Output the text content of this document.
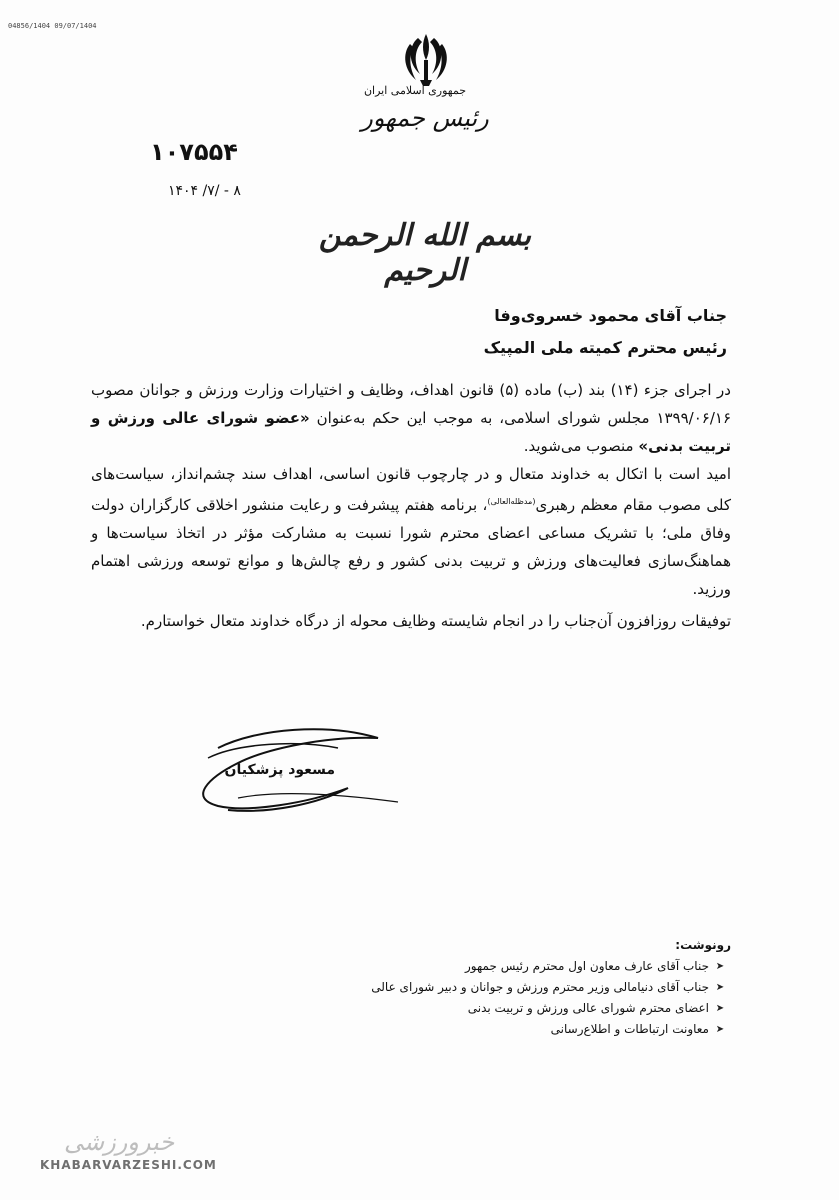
04856/1404 09/07/1404
جمهوری اسلامی ایران
رئیس جمهور
۱۰۷۵۵۴
۱۴۰۴ /۷/ - ۸
بسم الله الرحمن الرحیم
جناب آقای محمود خسروی‌وفا
رئیس محترم کمیته ملی المپیک

در اجرای جزء (۱۴) بند (ب) ماده (۵) قانون اهداف، وظایف و اختیارات وزارت ورزش و جوانان مصوب ۱۳۹۹/۰۶/۱۶ مجلس شورای اسلامی، به موجب این حکم به‌عنوان «عضو شورای عالی ورزش و تربیت بدنی» منصوب می‌شوید.

امید است با اتکال به خداوند متعال و در چارچوب قانون اساسی، اهداف سند چشم‌انداز، سیاست‌های کلی مصوب مقام معظم رهبری$^{(مدظله‌العالی)}$، برنامه هفتم پیشرفت و رعایت منشور اخلاقی کارگزاران دولت وفاق ملی؛ با تشریک مساعی اعضای محترم شورا نسبت به مشارکت مؤثر در اتخاذ سیاست‌ها و هماهنگ‌سازی فعالیت‌های ورزش و تربیت بدنی کشور و رفع چالش‌ها و موانع توسعه ورزشی اهتمام ورزید.

توفیقات روزافزون آن‌جناب را در انجام شایسته وظایف محوله از درگاه خداوند متعال خواستارم.

مسعود پزشکیان
رونوشت:
➤
جناب آقای عارف معاون اول محترم رئیس جمهور
➤
جناب آقای دنیامالی وزیر محترم ورزش و جوانان و دبیر شورای عالی
➤
اعضای محترم شورای عالی ورزش و تربیت بدنی
➤
معاونت ارتباطات و اطلاع‌رسانی
خبرورزشی
KHABARVARZESHI.COM
